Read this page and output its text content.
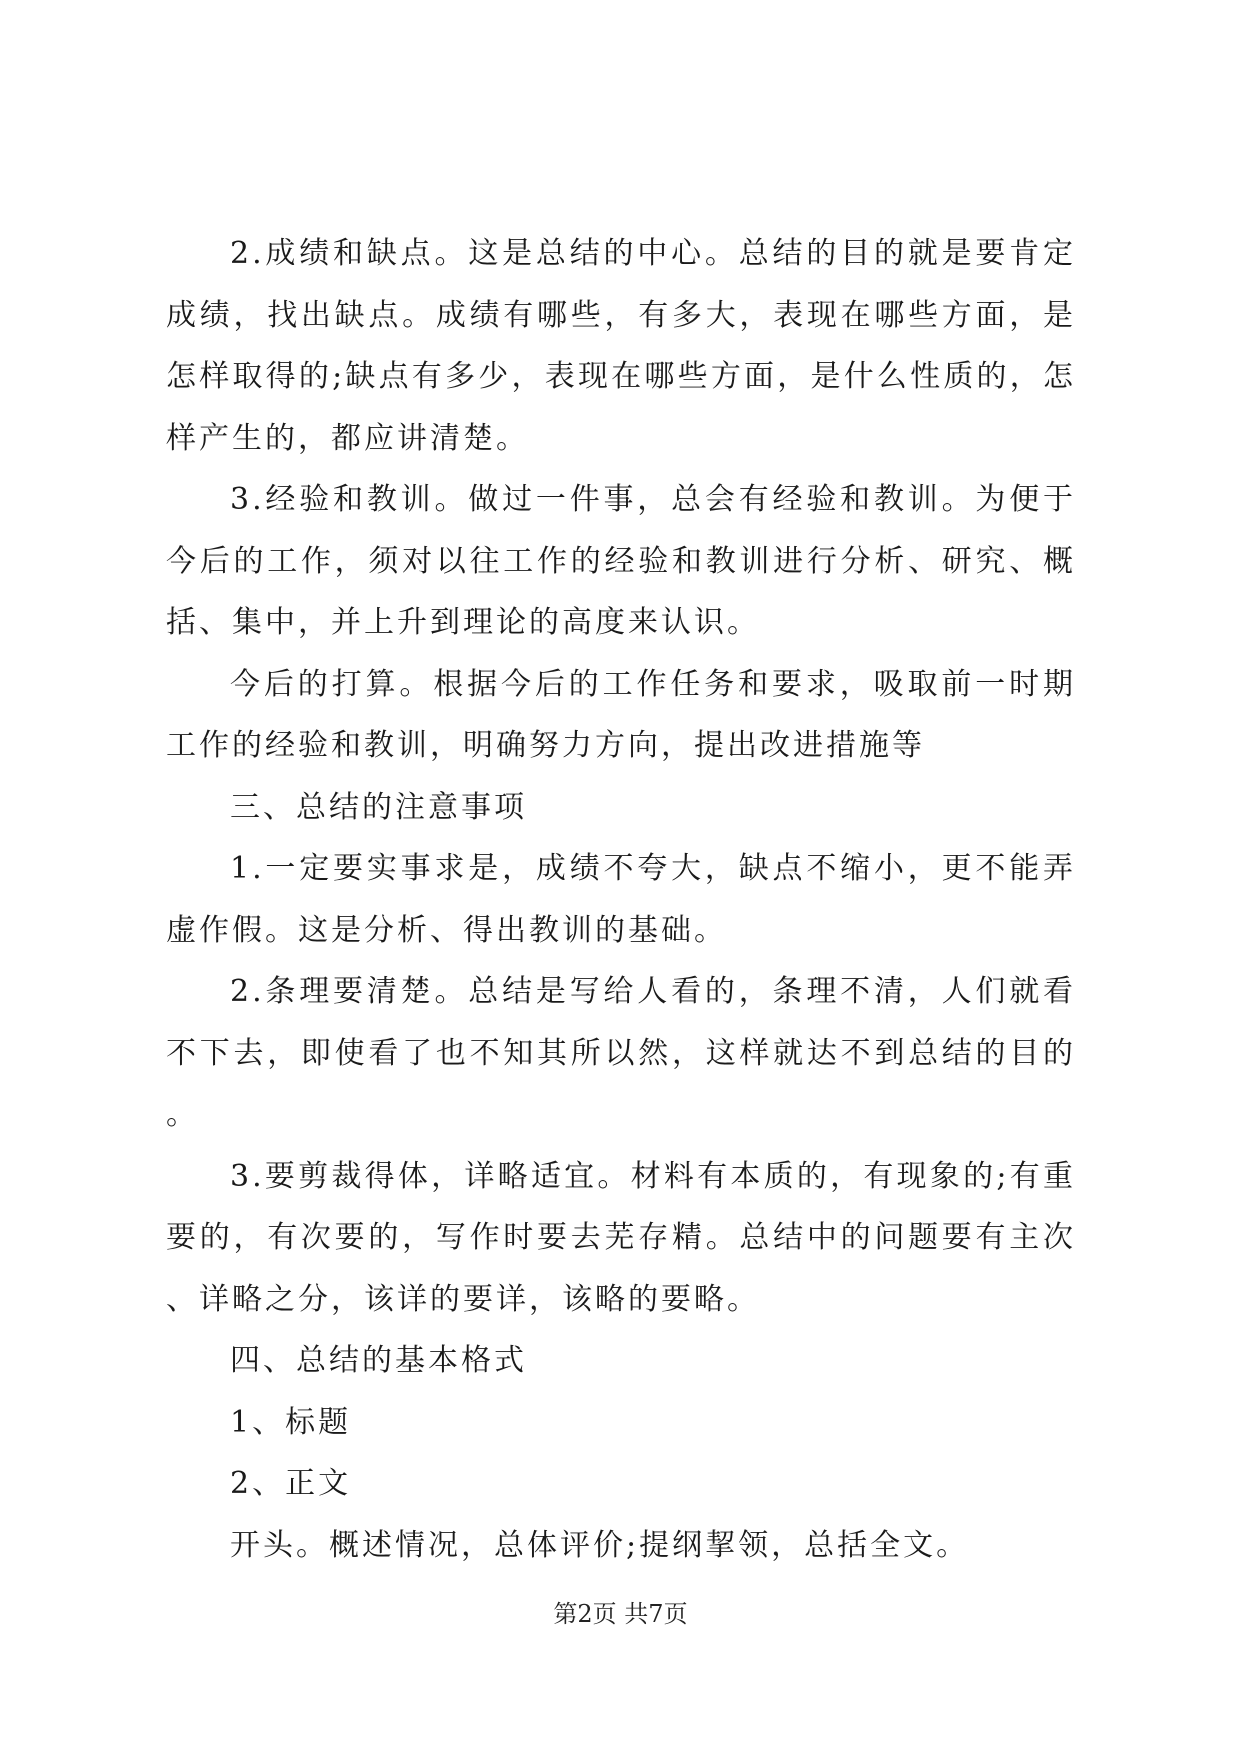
2.成绩和缺点。这是总结的中心。总结的目的就是要肯定成绩，找出缺点。成绩有哪些，有多大，表现在哪些方面，是怎样取得的;缺点有多少，表现在哪些方面，是什么性质的，怎样产生的，都应讲清楚。

3.经验和教训。做过一件事，总会有经验和教训。为便于今后的工作，须对以往工作的经验和教训进行分析、研究、概括、集中，并上升到理论的高度来认识。

今后的打算。根据今后的工作任务和要求，吸取前一时期工作的经验和教训，明确努力方向，提出改进措施等

三、总结的注意事项

1.一定要实事求是，成绩不夸大，缺点不缩小，更不能弄虚作假。这是分析、得出教训的基础。

2.条理要清楚。总结是写给人看的，条理不清，人们就看不下去，即使看了也不知其所以然，这样就达不到总结的目的。

3.要剪裁得体，详略适宜。材料有本质的，有现象的;有重要的，有次要的，写作时要去芜存精。总结中的问题要有主次、详略之分，该详的要详，该略的要略。

四、总结的基本格式

1、标题

2、正文

开头。概述情况，总体评价;提纲挈领，总括全文。

第2页 共7页
